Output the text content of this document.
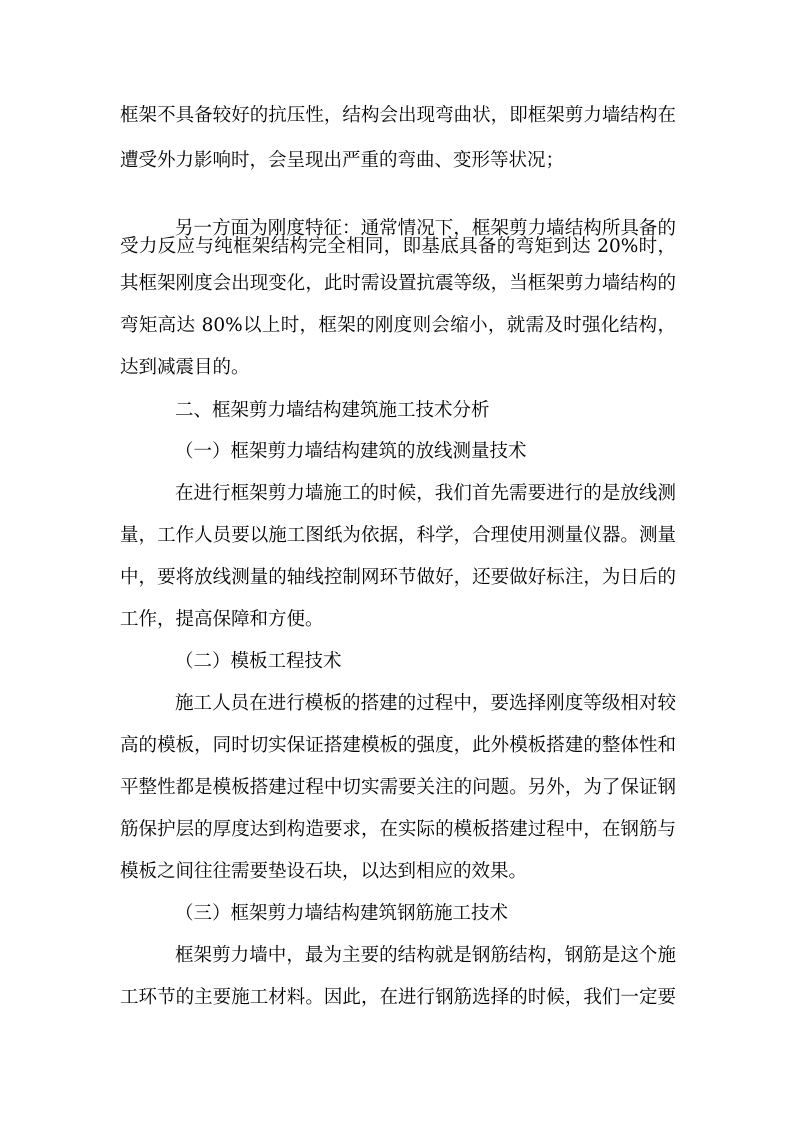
框架不具备较好的抗压性，结构会出现弯曲状，即框架剪力墙结构在
遭受外力影响时，会呈现出严重的弯曲、变形等状况；
另一方面为刚度特征：通常情况下，框架剪力墙结构所具备的
受力反应与纯框架结构完全相同，即基底具备的弯矩到达 20%时，
其框架刚度会出现变化，此时需设置抗震等级，当框架剪力墙结构的
弯矩高达 80%以上时，框架的刚度则会缩小，就需及时强化结构，
达到减震目的。
二、框架剪力墙结构建筑施工技术分析
（一）框架剪力墙结构建筑的放线测量技术
在进行框架剪力墙施工的时候，我们首先需要进行的是放线测
量，工作人员要以施工图纸为依据，科学，合理使用测量仪器。测量
中，要将放线测量的轴线控制网环节做好，还要做好标注，为日后的
工作，提高保障和方便。
（二）模板工程技术
施工人员在进行模板的搭建的过程中，要选择刚度等级相对较
高的模板，同时切实保证搭建模板的强度，此外模板搭建的整体性和
平整性都是模板搭建过程中切实需要关注的问题。另外，为了保证钢
筋保护层的厚度达到构造要求，在实际的模板搭建过程中，在钢筋与
模板之间往往需要垫设石块，以达到相应的效果。
（三）框架剪力墙结构建筑钢筋施工技术
框架剪力墙中，最为主要的结构就是钢筋结构，钢筋是这个施
工环节的主要施工材料。因此，在进行钢筋选择的时候，我们一定要
